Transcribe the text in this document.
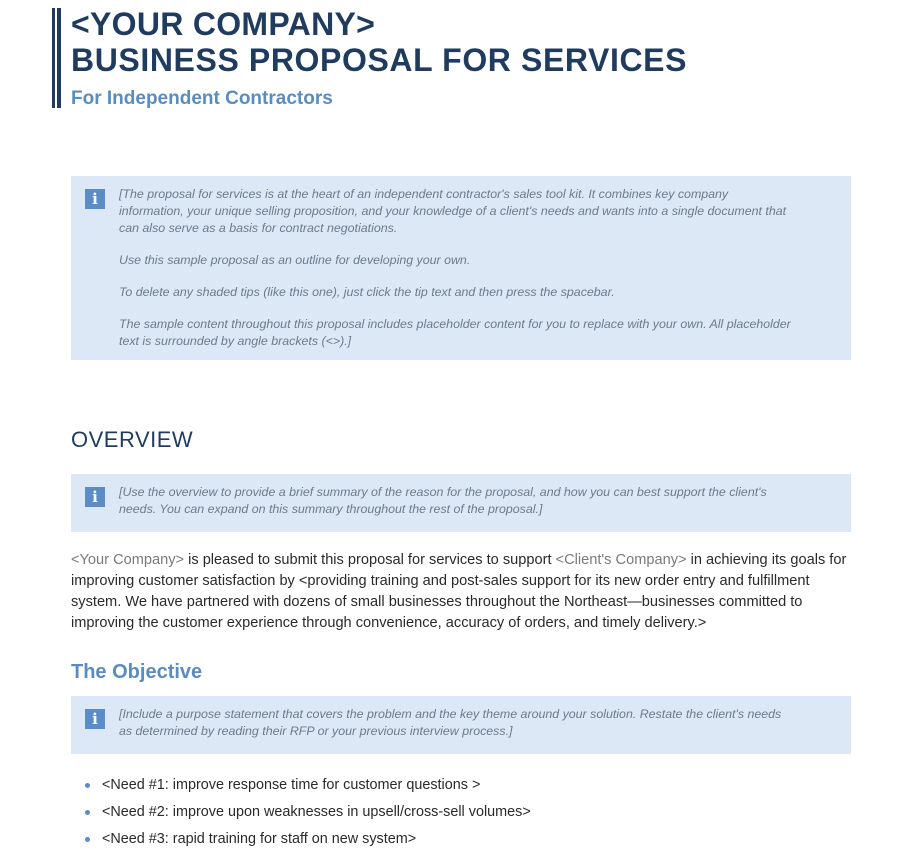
<YOUR COMPANY>
BUSINESS PROPOSAL FOR SERVICES
For Independent Contractors
i	[The proposal for services is at the heart of an independent contractor's sales tool kit. It combines key company information, your unique selling proposition, and your knowledge of a client's needs and wants into a single document that can also serve as a basis for contract negotiations.

Use this sample proposal as an outline for developing your own.

To delete any shaded tips (like this one), just click the tip text and then press the spacebar.

The sample content throughout this proposal includes placeholder content for you to replace with your own. All placeholder text is surrounded by angle brackets (<>).]

OVERVIEW
i	[Use the overview to provide a brief summary of the reason for the proposal, and how you can best support the client's needs. You can expand on this summary throughout the rest of the proposal.]

<Your Company> is pleased to submit this proposal for services to support <Client's Company> in achieving its goals for improving customer satisfaction by <providing training and post-sales support for its new order entry and fulfillment system. We have partnered with dozens of small businesses throughout the Northeast—businesses committed to improving the customer experience through convenience, accuracy of orders, and timely delivery.>

The Objective
i	[Include a purpose statement that covers the problem and the key theme around your solution. Restate the client's needs as determined by reading their RFP or your previous interview process.]

<Need #1: improve response time for customer questions >
<Need #2: improve upon weaknesses in upsell/cross-sell volumes>
<Need #3: rapid training for staff on new system>
